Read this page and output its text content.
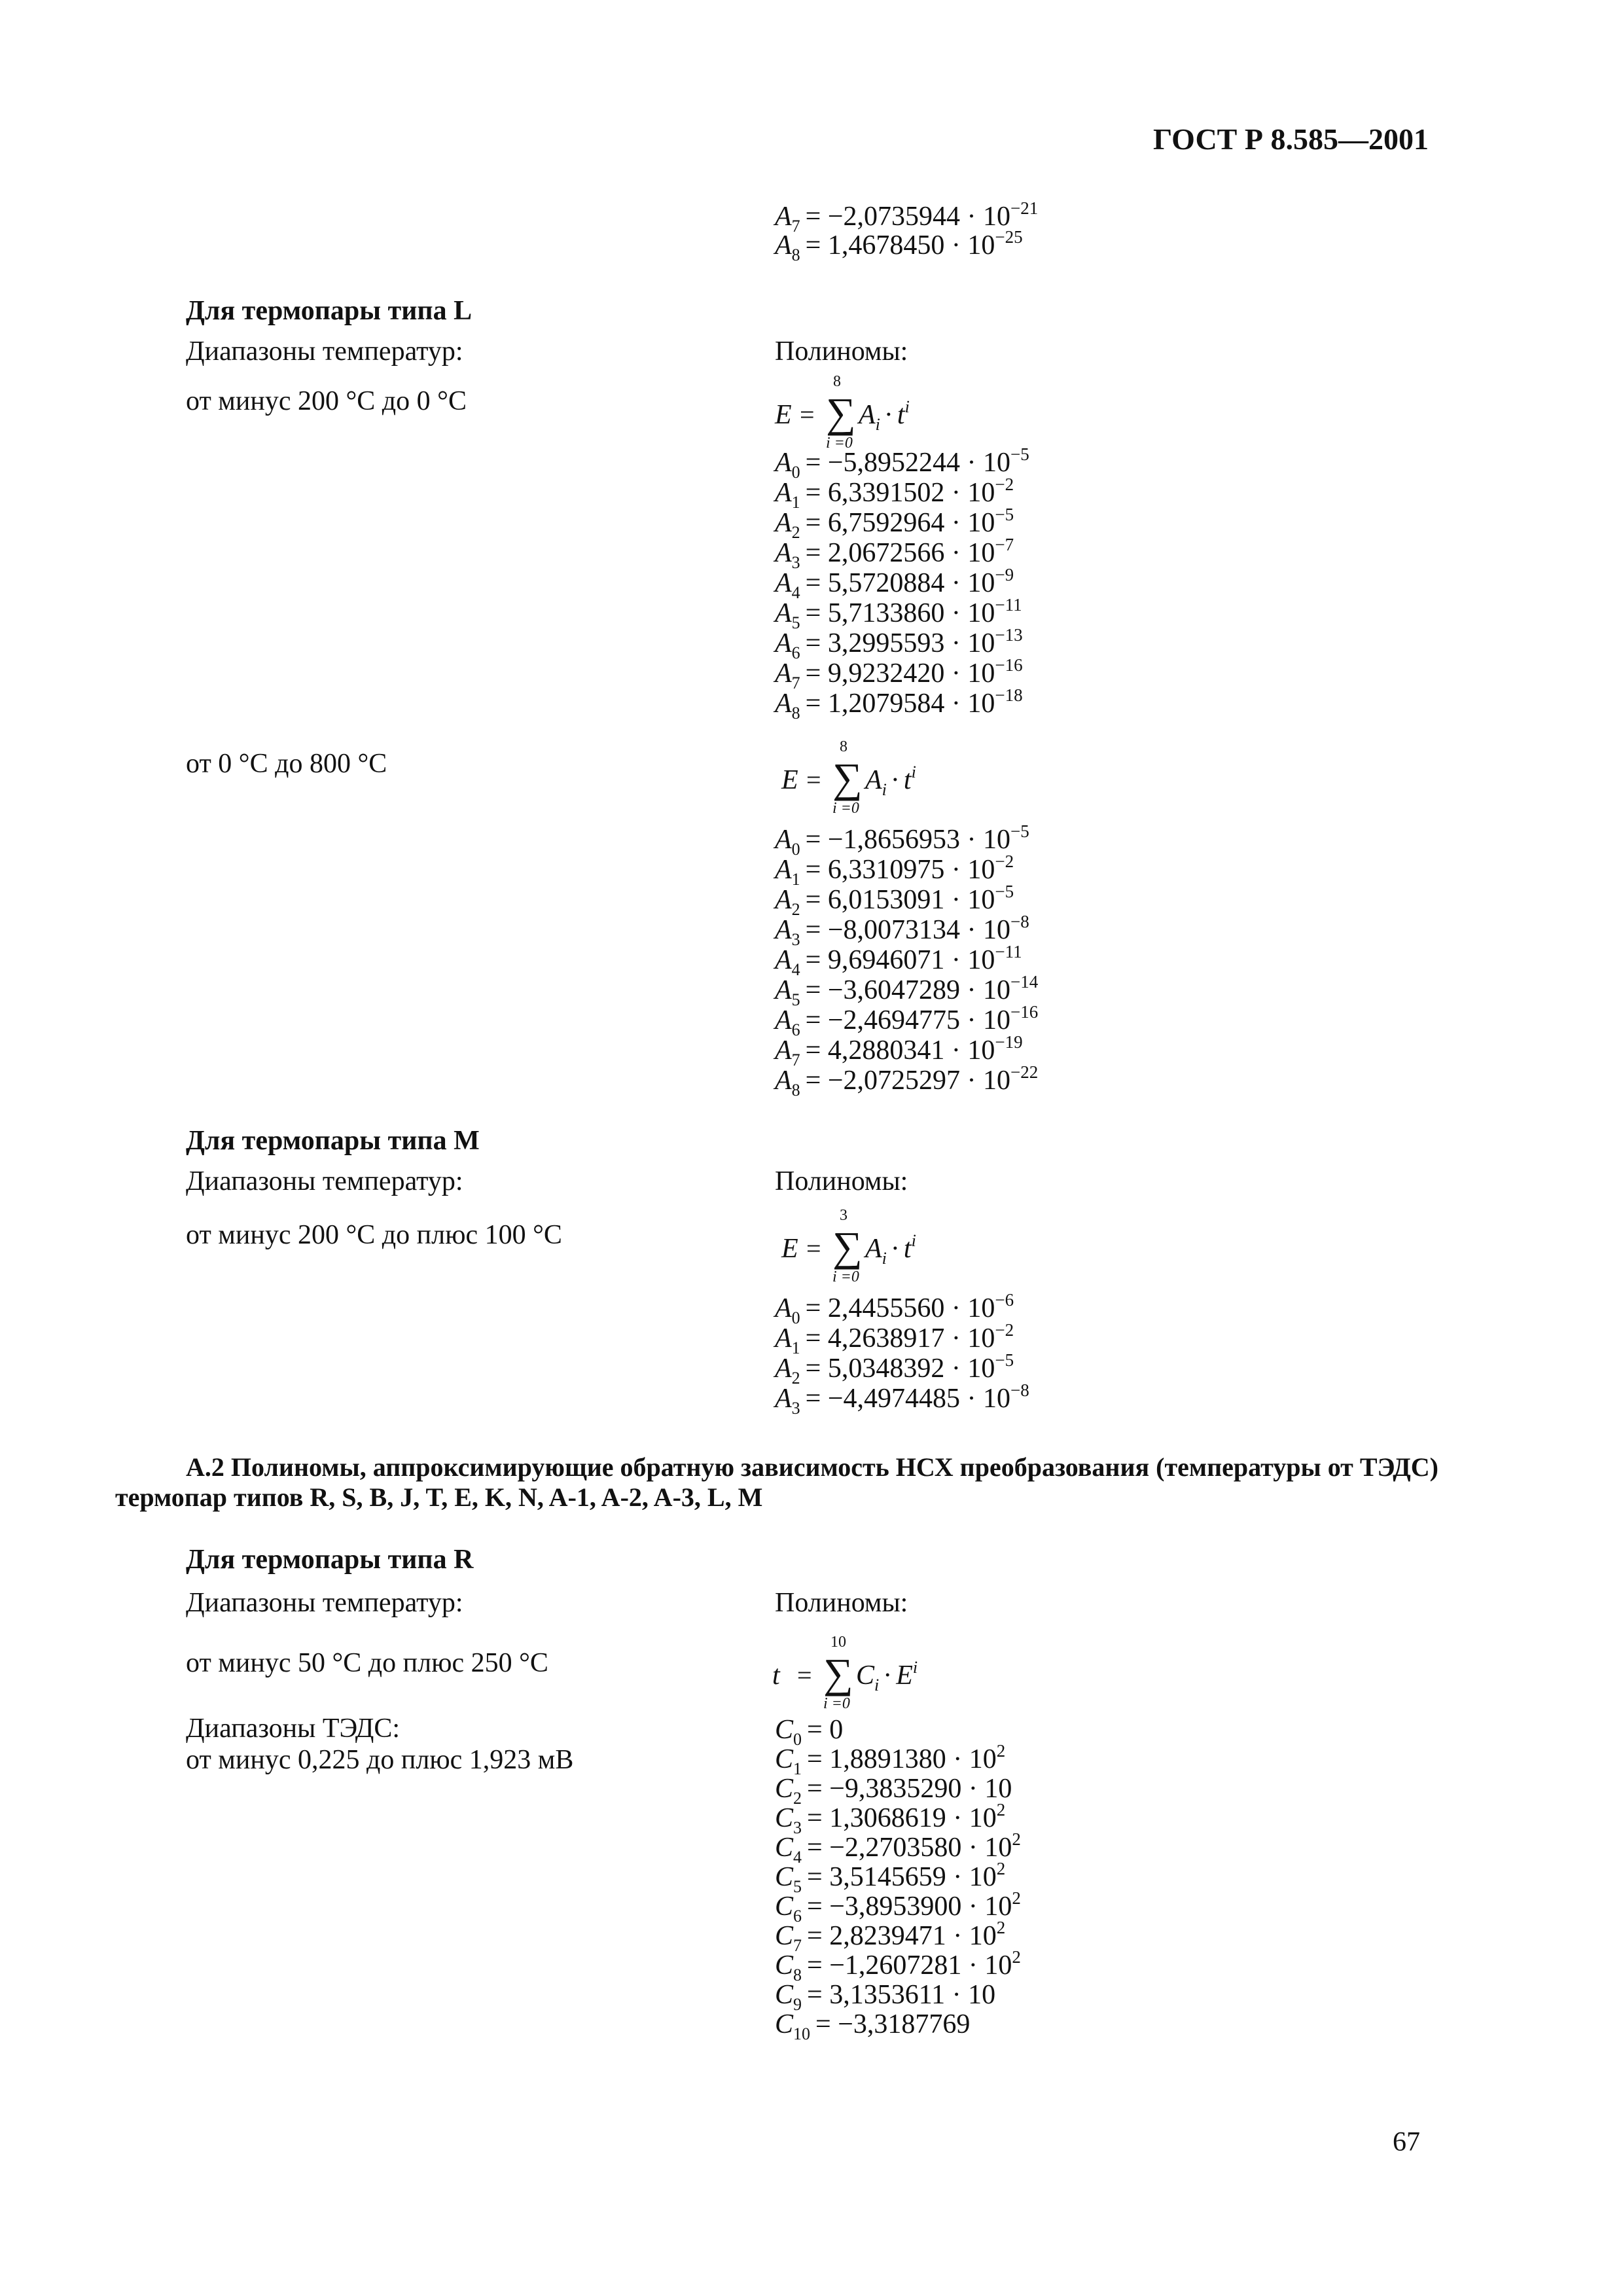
ГОСТ Р 8.585—2001
$A_7 = -2,0735944 \cdot 10^{-21}$
$A_8 = 1,4678450 \cdot 10^{-25}$
Для термопары типа L
Диапазоны температур:	Полиномы:
от минус 200 °С до 0 °С	E =
8
∑
i =0
$A_i \cdot t^i$
$A_0 = -5,8952244 \cdot 10^{-5}$
$A_1 = 6,3391502 \cdot 10^{-2}$
$A_2 = 6,7592964 \cdot 10^{-5}$
$A_3 = 2,0672566 \cdot 10^{-7}$
$A_4 = 5,5720884 \cdot 10^{-9}$
$A_5 = 5,7133860 \cdot 10^{-11}$
$A_6 = 3,2995593 \cdot 10^{-13}$
$A_7 = 9,9232420 \cdot 10^{-16}$
$A_8 = 1,2079584 \cdot 10^{-18}$
от 0 °С до 800 °С
E =
8
∑
i =0
$A_i \cdot t^i$
$A_0 = -1,8656953 \cdot 10^{-5}$
$A_1 = 6,3310975 \cdot 10^{-2}$
$A_2 = 6,0153091 \cdot 10^{-5}$
$A_3 = -8,0073134 \cdot 10^{-8}$
$A_4 = 9,6946071 \cdot 10^{-11}$
$A_5 = -3,6047289 \cdot 10^{-14}$
$A_6 = -2,4694775 \cdot 10^{-16}$
$A_7 = 4,2880341 \cdot 10^{-19}$
$A_8 = -2,0725297 \cdot 10^{-22}$
Для термопары типа М
Диапазоны температур:	Полиномы:
от минус 200 °С до плюс 100 °С	E =
3
∑
i =0
$A_i \cdot t^i$
$A_0 = 2,4455560 \cdot 10^{-6}$
$A_1 = 4,2638917 \cdot 10^{-2}$
$A_2 = 5,0348392 \cdot 10^{-5}$
$A_3 = -4,4974485 \cdot 10^{-8}$
А.2 Полиномы, аппроксимирующие обратную зависимость НСХ преобразования (температуры от ТЭДС)
термопар типов R, S, B, J, T, E, K, N, A-1, A-2, A-3, L, M
Для термопары типа R
Диапазоны температур:	Полиномы:
от минус 50 °С до плюс 250 °С	t =
10
∑
i =0
$C_i \cdot E^i$
Диапазоны ТЭДС:
от минус 0,225 до плюс 1,923 мВ
$C_0 = 0$
$C_1 = 1,8891380 \cdot 10^2$
$C_2 = -9,3835290 \cdot 10$
$C_3 = 1,3068619 \cdot 10^2$
$C_4 = -2,2703580 \cdot 10^2$
$C_5 = 3,5145659 \cdot 10^2$
$C_6 = -3,8953900 \cdot 10^2$
$C_7 = 2,8239471 \cdot 10^2$
$C_8 = -1,2607281 \cdot 10^2$
$C_9 = 3,1353611 \cdot 10$
$C_{10} = -3,3187769$
67
